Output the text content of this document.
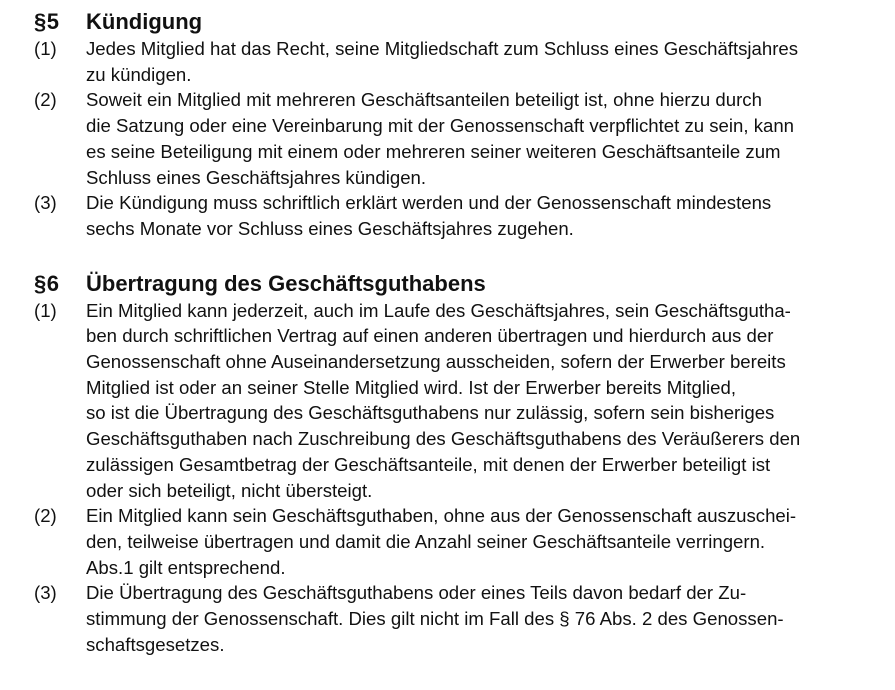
§5	Kündigung
(1)	Jedes Mitglied hat das Recht, seine Mitgliedschaft zum Schluss eines Geschäftsjahres
zu kündigen.
(2)	Soweit ein Mitglied mit mehreren Geschäftsanteilen beteiligt ist, ohne hierzu durch
die Satzung oder eine Vereinbarung mit der Genossenschaft verpflichtet zu sein, kann
es seine Beteiligung mit einem oder mehreren seiner weiteren Geschäftsanteile zum
Schluss eines Geschäftsjahres kündigen.
(3)	Die Kündigung muss schriftlich erklärt werden und der Genossenschaft mindestens
sechs Monate vor Schluss eines Geschäftsjahres zugehen.
§6	Übertragung des Geschäftsguthabens
(1)	Ein Mitglied kann jederzeit, auch im Laufe des Geschäftsjahres, sein Geschäftsgutha-
ben durch schriftlichen Vertrag auf einen anderen übertragen und hierdurch aus der
Genossenschaft ohne Auseinandersetzung ausscheiden, sofern der Erwerber bereits
Mitglied ist oder an seiner Stelle Mitglied wird. Ist der Erwerber bereits Mitglied,
so ist die Übertragung des Geschäftsguthabens nur zulässig, sofern sein bisheriges
Geschäftsguthaben nach Zuschreibung des Geschäftsguthabens des Veräußerers den
zulässigen Gesamtbetrag der Geschäftsanteile, mit denen der Erwerber beteiligt ist
oder sich beteiligt, nicht übersteigt.
(2)	Ein Mitglied kann sein Geschäftsguthaben, ohne aus der Genossenschaft auszuschei-
den, teilweise übertragen und damit die Anzahl seiner Geschäftsanteile verringern.
Abs.1 gilt entsprechend.
(3)	Die Übertragung des Geschäftsguthabens oder eines Teils davon bedarf der Zu-
stimmung der Genossenschaft. Dies gilt nicht im Fall des § 76 Abs. 2 des Genossen-
schaftsgesetzes.
